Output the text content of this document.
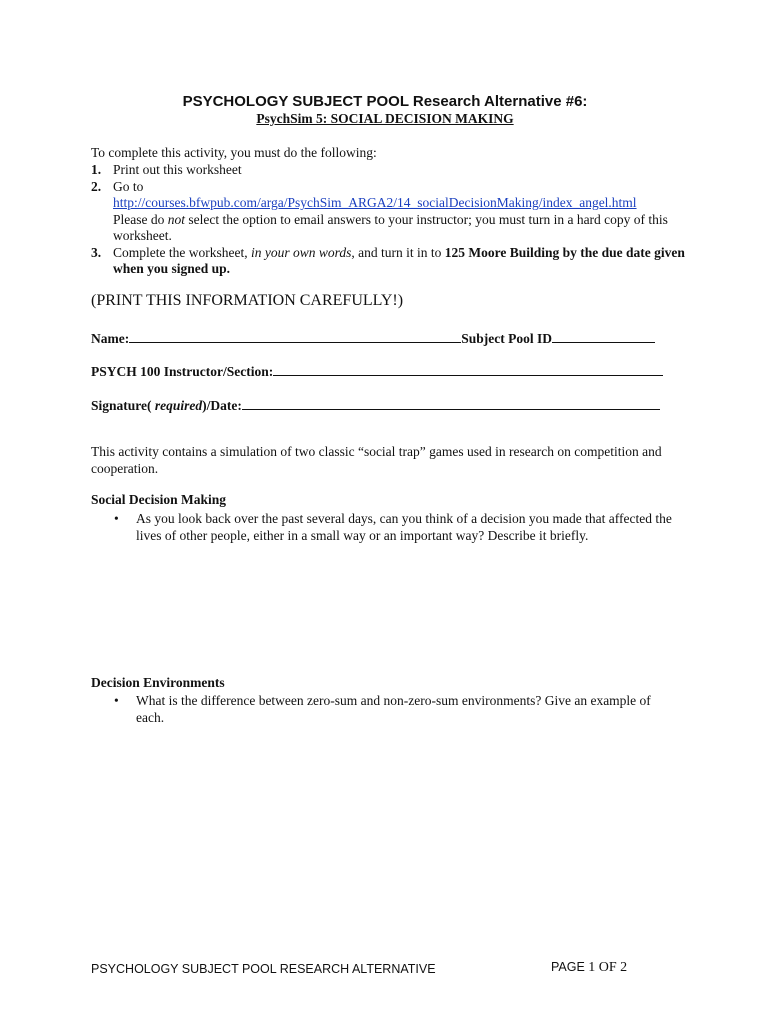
PSYCHOLOGY SUBJECT POOL Research Alternative #6:
PsychSim 5: SOCIAL DECISION MAKING
To complete this activity, you must do the following:
1. Print out this worksheet
2. Go to
http://courses.bfwpub.com/arga/PsychSim_ARGA2/14_socialDecisionMaking/index_angel.html
Please do not select the option to email answers to your instructor; you must turn in a hard copy of this worksheet.
3. Complete the worksheet, in your own words, and turn it in to 125 Moore Building by the due date given when you signed up.
(PRINT THIS INFORMATION CAREFULLY!)
Name:	Subject Pool ID
PSYCH 100 Instructor/Section:
Signature( required)/Date:
This activity contains a simulation of two classic “social trap” games used in research on competition and cooperation.
Social Decision Making
•	As you look back over the past several days, can you think of a decision you made that affected the lives of other people, either in a small way or an important way? Describe it briefly.
Decision Environments
•	What is the difference between zero-sum and non-zero-sum environments? Give an example of each.
PSYCHOLOGY SUBJECT POOL RESEARCH ALTERNATIVE	PAGE 1 OF 2
